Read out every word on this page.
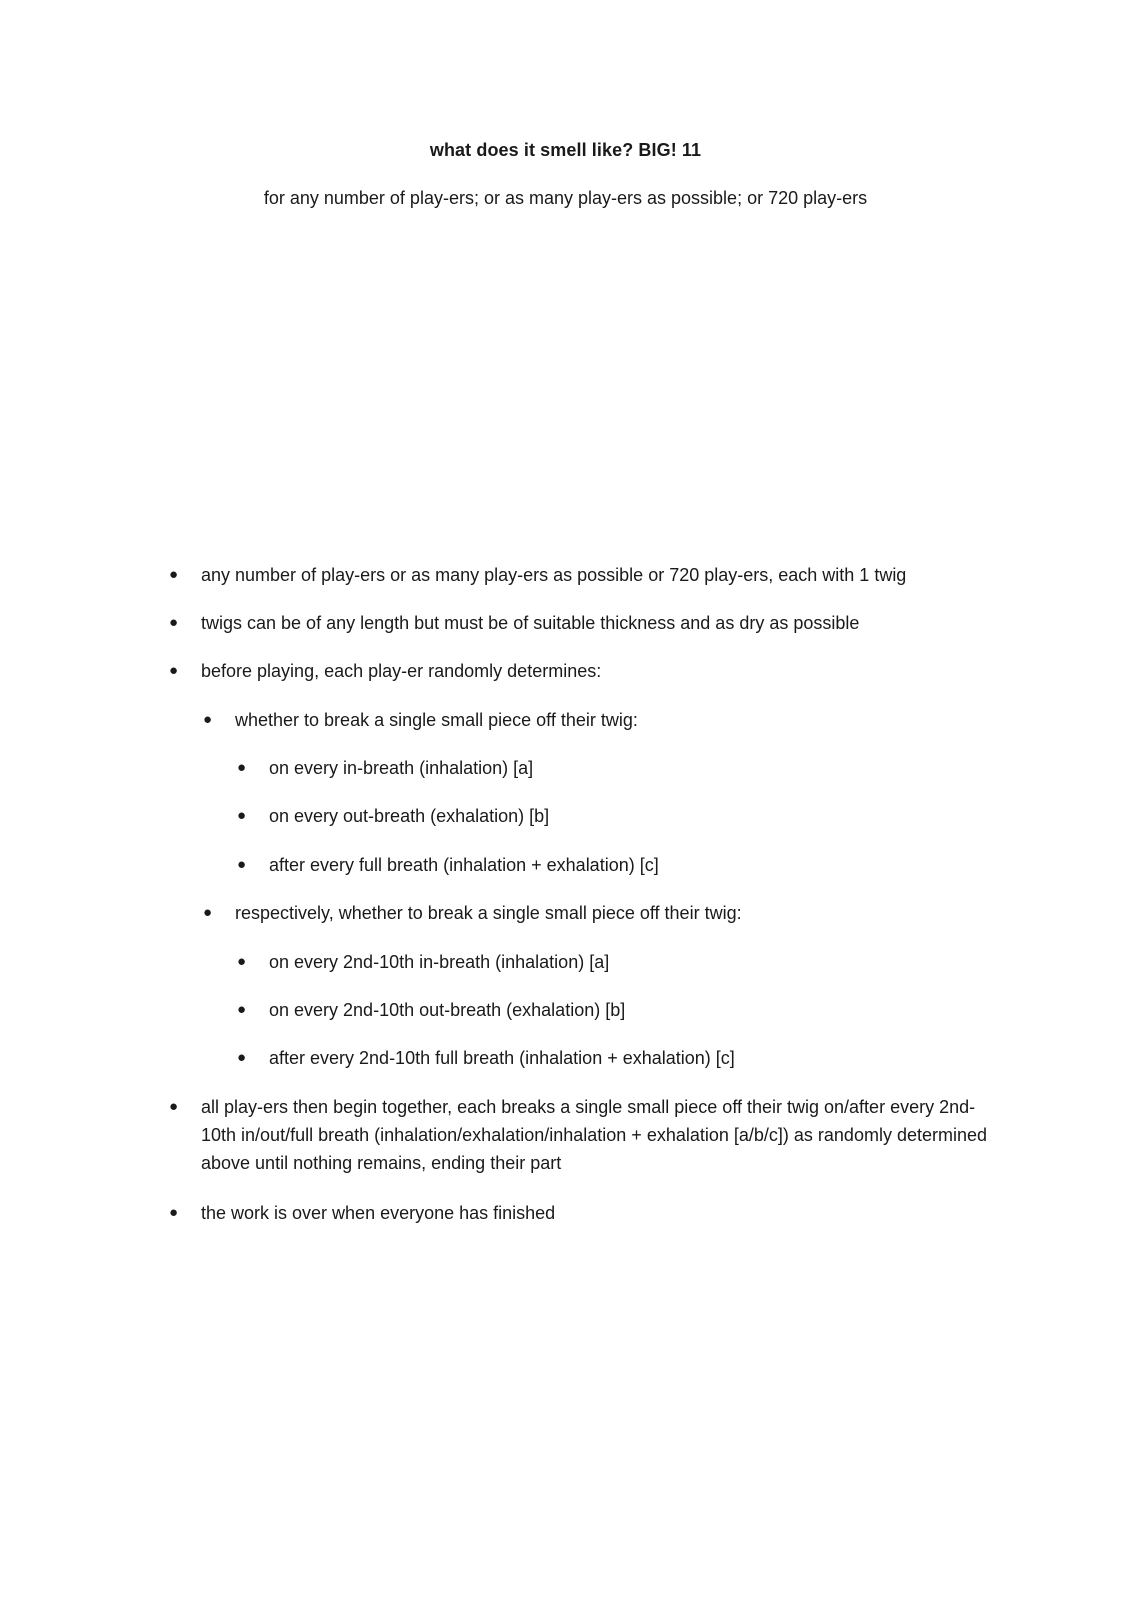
what does it smell like? BIG! 11
for any number of play-ers; or as many play-ers as possible; or 720 play-ers
● any number of play-ers or as many play-ers as possible or 720 play-ers, each with 1 twig
● twigs can be of any length but must be of suitable thickness and as dry as possible
● before playing, each play-er randomly determines:
● whether to break a single small piece off their twig:
● on every in-breath (inhalation) [a]
● on every out-breath (exhalation) [b]
● after every full breath (inhalation + exhalation) [c]
● respectively, whether to break a single small piece off their twig:
● on every 2nd-10th in-breath (inhalation) [a]
● on every 2nd-10th out-breath (exhalation) [b]
● after every 2nd-10th full breath (inhalation + exhalation) [c]
● all play-ers then begin together, each breaks a single small piece off their twig on/after every 2nd-10th in/out/full breath (inhalation/exhalation/inhalation + exhalation [a/b/c]) as randomly determined above until nothing remains, ending their part
● the work is over when everyone has finished
